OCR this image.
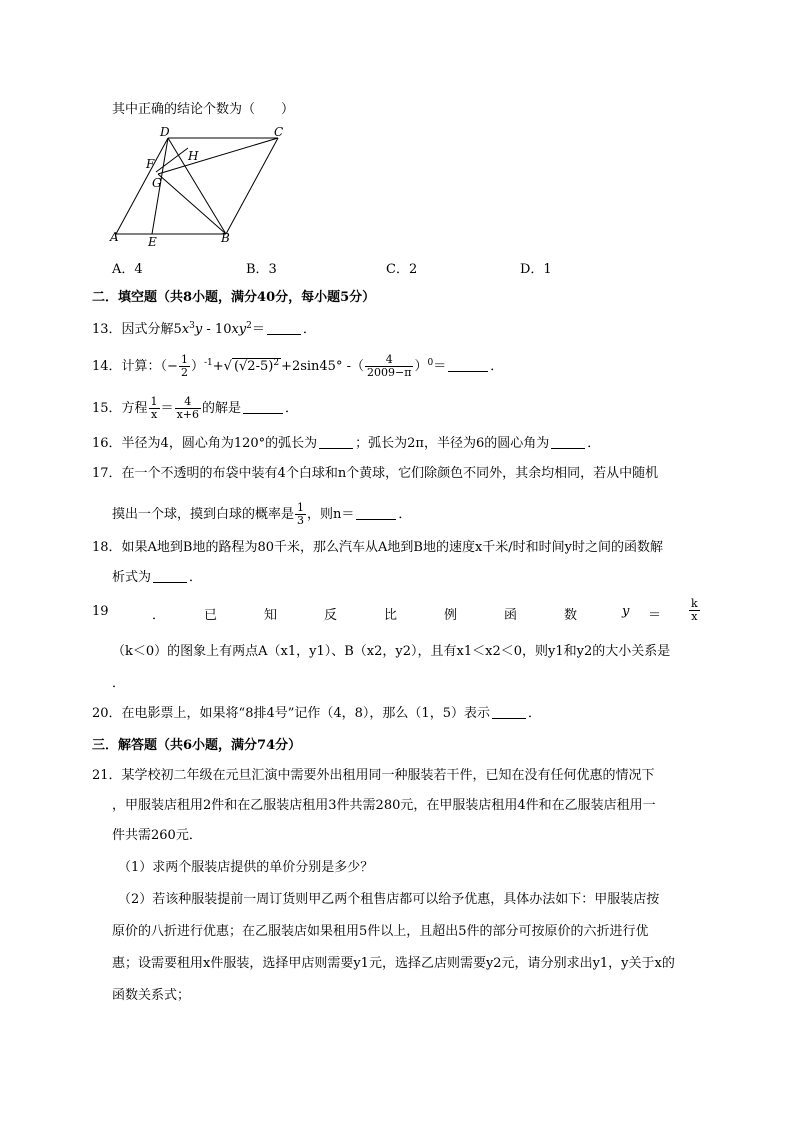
其中正确的结论个数为（　　）
D	C
F
H
G
A E	B
A．4	B．3	C．2	D．1
二．填空题（共8小题，满分40分，每小题5分）
13．因式分解$5x^3y - 10xy^2=$	．
14．计算：（− $\frac{1}{2} )^{-1}+√$ $(√2-5)^2 +2\sin 45^\circ$ -（ $\frac{4}{2009-\pi} )^0=$	．
15．方程 $\frac{1}{x} = \frac{4}{x+6}$ 的解是	．
16．半径为4，圆心角为120°的弧长为	；弧长为2π，半径为6的圆心角为	．
17．在一个不透明的布袋中装有4个白球和n个黄球，它们除颜色不同外，其余均相同，若从中随机
摸出一个球，摸到白球的概率是 $\frac{1}{3}$ ，则n＝	．
18．如果A地到B地的路程为80千米，那么汽车从A地到B地的速度x千米/时和时间y时之间的函数解
析式为	．
19	．	已	知	反	比	例	函	数	y ＝	$\frac{k}{x}$
（k＜0）的图象上有两点A（x1，y1）、B（x2，y2），且有x1＜x2＜0，则y1和y2的大小关系是
．
20．在电影票上，如果将“8排4号”记作（4，8），那么（1，5）表示	．
三．解答题（共6小题，满分74分）
21．某学校初二年级在元旦汇演中需要外出租用同一种服装若干件，已知在没有任何优惠的情况下
，甲服装店租用2件和在乙服装店租用3件共需280元，在甲服装店租用4件和在乙服装店租用一
件共需260元．
（1）求两个服装店提供的单价分别是多少？
（2）若该种服装提前一周订货则甲乙两个租售店都可以给予优惠，具体办法如下：甲服装店按
原价的八折进行优惠；在乙服装店如果租用5件以上，且超出5件的部分可按原价的六折进行优
惠；设需要租用x件服装，选择甲店则需要y1元，选择乙店则需要y2元，请分别求出y1，y关于x的
函数关系式；
